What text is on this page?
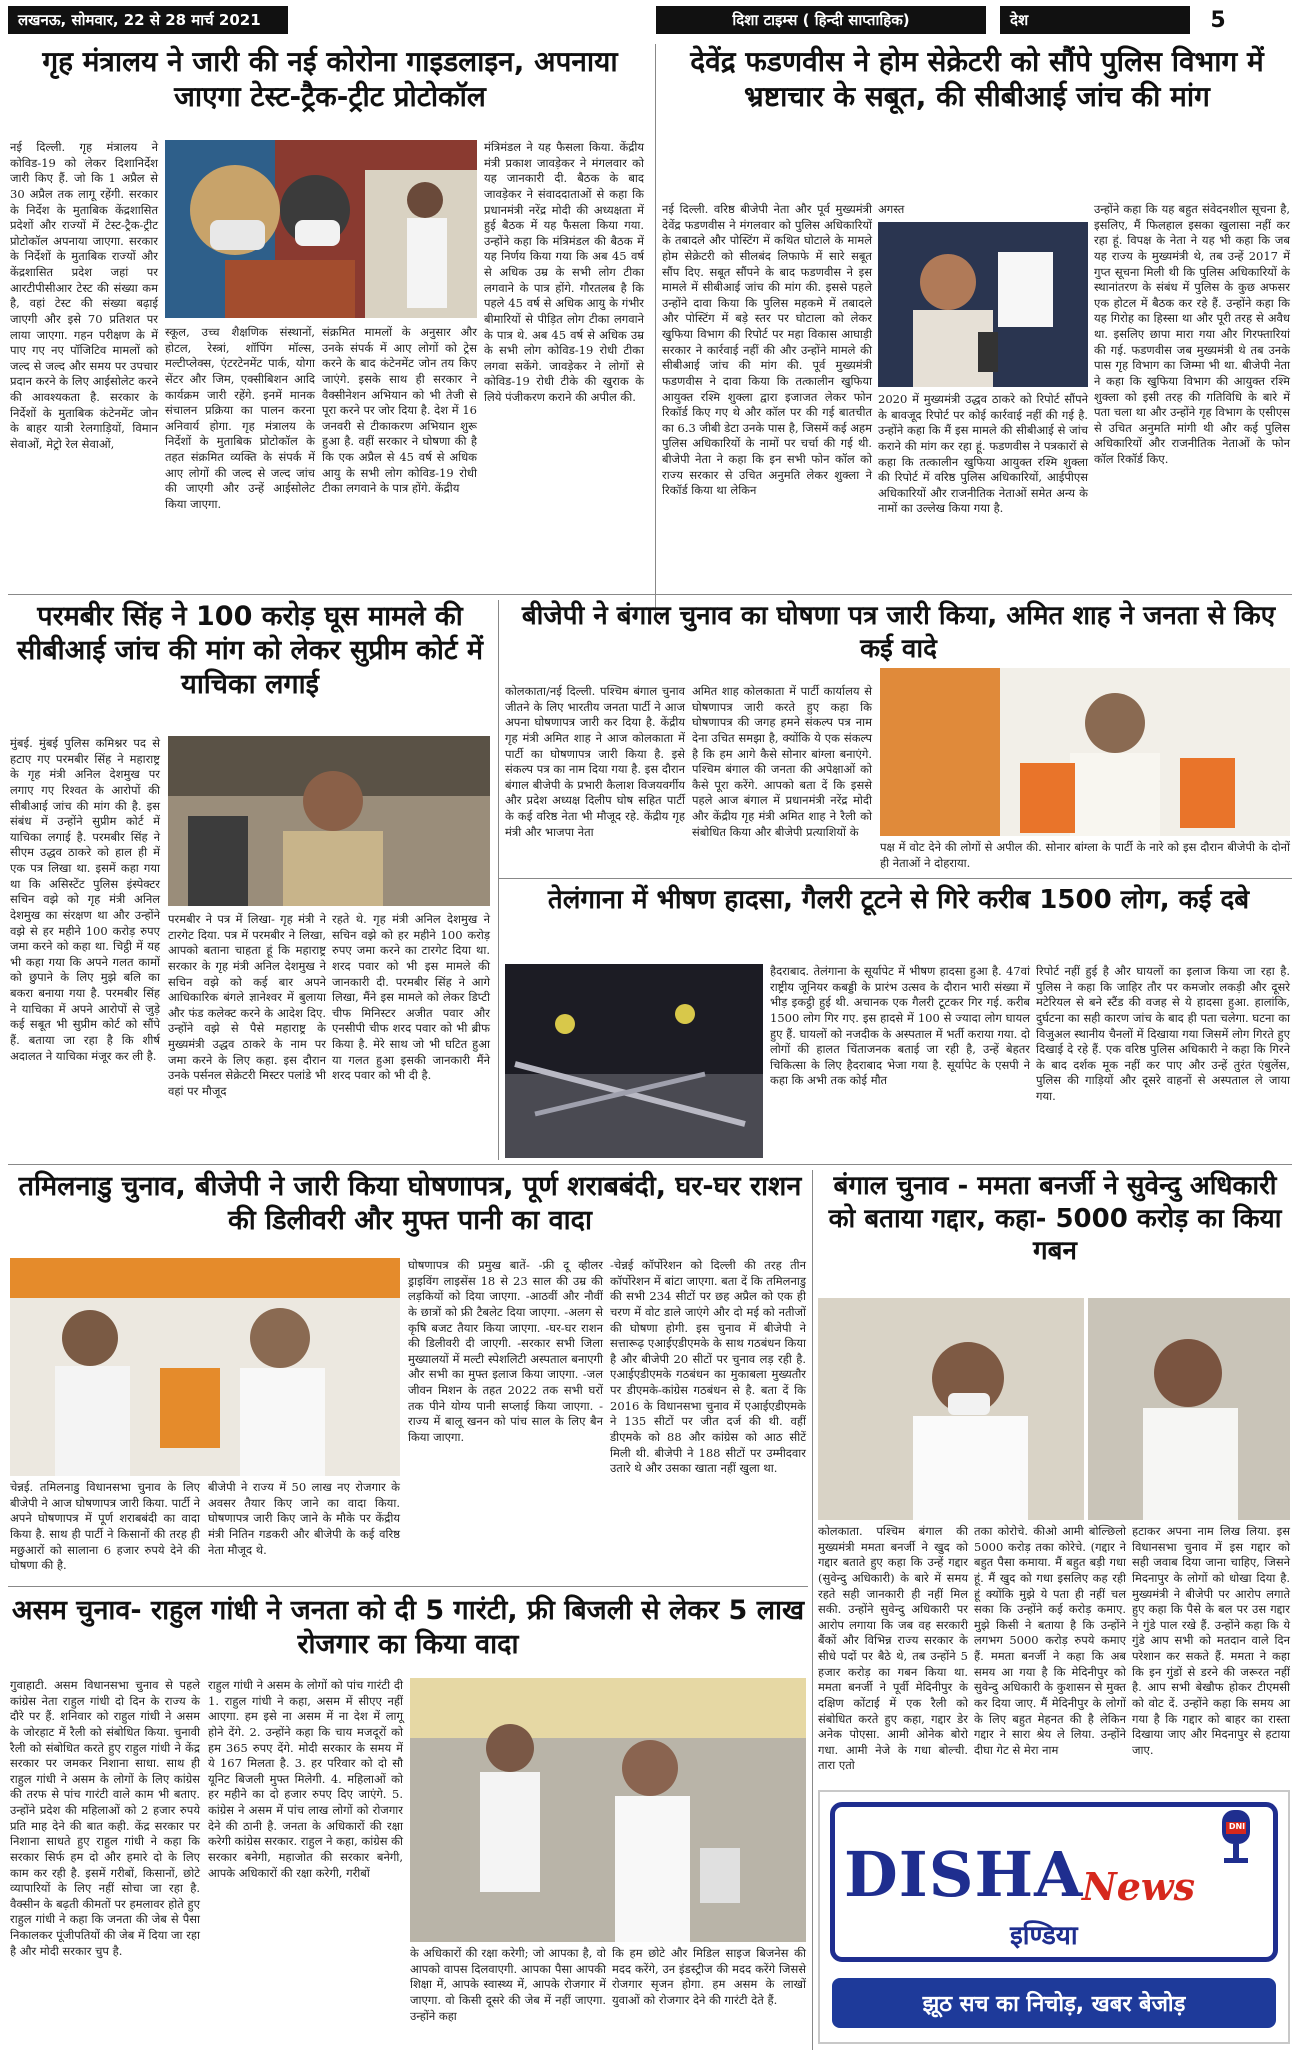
लखनऊ, सोमवार, 22 से 28 मार्च 2021	दिशा टाइम्स ( हिन्दी साप्ताहिक)	देश	5
गृह मंत्रालय ने जारी की नई कोरोना गाइडलाइन, अपनाया जाएगा टेस्ट-ट्रैक-ट्रीट प्रोटोकॉल
नई दिल्ली. गृह मंत्रालय ने कोविड-19 को लेकर दिशानिर्देश जारी किए हैं. जो कि 1 अप्रैल से 30 अप्रैल तक लागू रहेंगी. सरकार के निर्देश के मुताबिक केंद्रशासित प्रदेशों और राज्यों में टेस्ट-ट्रैक-ट्रीट प्रोटोकॉल अपनाया जाएगा. सरकार के निर्देशों के मुताबिक राज्यों और केंद्रशासित प्रदेश जहां पर आरटीपीसीआर टेस्ट की संख्या कम है, वहां टेस्ट की संख्या बढ़ाई जाएगी और इसे 70 प्रतिशत पर लाया जाएगा. गहन परीक्षण के में पाए गए नए पॉजिटिव मामलों को जल्द से जल्द और समय पर उपचार प्रदान करने के लिए आईसोलेट करने की आवश्यकता है. सरकार के निर्देशों के मुताबिक कंटेनमेंट जोन के बाहर यात्री रेलगाड़ियों, विमान सेवाओं, मेट्रो रेल सेवाओं,
स्कूल, उच्च शैक्षणिक संस्थानों, होटल, रेस्त्रां, शॉपिंग मॉल्स, मल्टीप्लेक्स, एंटरटेनमेंट पार्क, योगा सेंटर और जिम, एक्सीबिशन आदि कार्यक्रम जारी रहेंगे. इनमें मानक संचालन प्रक्रिया का पालन करना अनिवार्य होगा. गृह मंत्रालय के निर्देशों के मुताबिक प्रोटोकॉल के तहत संक्रमित व्यक्ति के संपर्क में आए लोगों की जल्द से जल्द जांच की जाएगी और उन्हें आईसोलेट किया जाएगा.
संक्रमित मामलों के अनुसार और उनके संपर्क में आए लोगों को ट्रेस करने के बाद कंटेनमेंट जोन तय किए जाएंगे. इसके साथ ही सरकार ने वैक्सीनेशन अभियान को भी तेजी से पूरा करने पर जोर दिया है. देश में 16 जनवरी से टीकाकरण अभियान शुरू हुआ है. वहीं सरकार ने घोषणा की है कि एक अप्रैल से 45 वर्ष से अधिक आयु के सभी लोग कोविड-19 रोधी टीका लगवाने के पात्र होंगे. केंद्रीय
मंत्रिमंडल ने यह फैसला किया. केंद्रीय मंत्री प्रकाश जावड़ेकर ने मंगलवार को यह जानकारी दी. बैठक के बाद जावड़ेकर ने संवाददाताओं से कहा कि प्रधानमंत्री नरेंद्र मोदी की अध्यक्षता में हुई बैठक में यह फैसला किया गया. उन्होंने कहा कि मंत्रिमंडल की बैठक में यह निर्णय किया गया कि अब 45 वर्ष से अधिक उम्र के सभी लोग टीका लगवाने के पात्र होंगे. गौरतलब है कि पहले 45 वर्ष से अधिक आयु के गंभीर बीमारियों से पीड़ित लोग टीका लगवाने के पात्र थे. अब 45 वर्ष से अधिक उम्र के सभी लोग कोविड-19 रोधी टीका लगवा सकेंगे. जावड़ेकर ने लोगों से कोविड-19 रोधी टीके की खुराक के लिये पंजीकरण कराने की अपील की.
देवेंद्र फडणवीस ने होम सेक्रेटरी को सौंपे पुलिस विभाग में भ्रष्टाचार के सबूत, की सीबीआई जांच की मांग
नई दिल्ली. वरिष्ठ बीजेपी नेता और पूर्व मुख्यमंत्री देवेंद्र फडणवीस ने मंगलवार को पुलिस अधिकारियों के तबादले और पोस्टिंग में कथित घोटाले के मामले होम सेक्रेटरी को सीलबंद लिफाफे में सारे सबूत सौंप दिए. सबूत सौंपने के बाद फडणवीस ने इस मामले में सीबीआई जांच की मांग की. इससे पहले उन्होंने दावा किया कि पुलिस महकमे में तबादले और पोस्टिंग में बड़े स्तर पर घोटाला को लेकर खुफिया विभाग की रिपोर्ट पर महा विकास आघाड़ी सरकार ने कार्रवाई नहीं की और उन्होंने मामले की सीबीआई जांच की मांग की. पूर्व मुख्यमंत्री फडणवीस ने दावा किया कि तत्कालीन खुफिया आयुक्त रश्मि शुक्ला द्वारा इजाजत लेकर फोन रिकॉर्ड किए गए थे और कॉल पर की गई बातचीत का 6.3 जीबी डेटा उनके पास है, जिसमें कई अहम पुलिस अधिकारियों के नामों पर चर्चा की गई थी. बीजेपी नेता ने कहा कि इन सभी फोन कॉल को राज्य सरकार से उचित अनुमति लेकर शुक्ला ने रिकॉर्ड किया था लेकिन
अगस्त
2020 में मुख्यमंत्री उद्धव ठाकरे को रिपोर्ट सौंपने के बावजूद रिपोर्ट पर कोई कार्रवाई नहीं की गई है. उन्होंने कहा कि मैं इस मामले की सीबीआई से जांच कराने की मांग कर रहा हूं. फडणवीस ने पत्रकारों से कहा कि तत्कालीन खुफिया आयुक्त रश्मि शुक्ला की रिपोर्ट में वरिष्ठ पुलिस अधिकारियों, आईपीएस अधिकारियों और राजनीतिक नेताओं समेत अन्य के नामों का उल्लेख किया गया है.
उन्होंने कहा कि यह बहुत संवेदनशील सूचना है, इसलिए, मैं फिलहाल इसका खुलासा नहीं कर रहा हूं. विपक्ष के नेता ने यह भी कहा कि जब यह राज्य के मुख्यमंत्री थे, तब उन्हें 2017 में गुप्त सूचना मिली थी कि पुलिस अधिकारियों के स्थानांतरण के संबंध में पुलिस के कुछ अफसर एक होटल में बैठक कर रहे हैं. उन्होंने कहा कि यह गिरोह का हिस्सा था और पूरी तरह से अवैध था. इसलिए छापा मारा गया और गिरफ्तारियां की गई. फडणवीस जब मुख्यमंत्री थे तब उनके पास गृह विभाग का जिम्मा भी था. बीजेपी नेता ने कहा कि खुफिया विभाग की आयुक्त रश्मि शुक्ला को इसी तरह की गतिविधि के बारे में पता चला था और उन्होंने गृह विभाग के एसीएस से उचित अनुमति मांगी थी और कई पुलिस अधिकारियों और राजनीतिक नेताओं के फोन कॉल रिकॉर्ड किए.
परमबीर सिंह ने 100 करोड़ घूस मामले की सीबीआई जांच की मांग को लेकर सुप्रीम कोर्ट में याचिका लगाई
मुंबई. मुंबई पुलिस कमिश्नर पद से हटाए गए परमबीर सिंह ने महाराष्ट्र के गृह मंत्री अनिल देशमुख पर लगाए गए रिश्वत के आरोपों की सीबीआई जांच की मांग की है. इस संबंध में उन्होंने सुप्रीम कोर्ट में याचिका लगाई है. परमबीर सिंह ने सीएम उद्धव ठाकरे को हाल ही में एक पत्र लिखा था. इसमें कहा गया था कि असिस्टेंट पुलिस इंस्पेक्टर सचिन वझे को गृह मंत्री अनिल देशमुख का संरक्षण था और उन्होंने वझे से हर महीने 100 करोड़ रुपए जमा करने को कहा था. चिट्ठी में यह भी कहा गया कि अपने गलत कामों को छुपाने के लिए मुझे बलि का बकरा बनाया गया है. परमबीर सिंह ने याचिका में अपने आरोपों से जुड़े कई सबूत भी सुप्रीम कोर्ट को सौंपे हैं. बताया जा रहा है कि शीर्ष अदालत ने याचिका मंजूर कर ली है.
परमबीर ने पत्र में लिखा- गृह मंत्री ने टारगेट दिया. पत्र में परमबीर ने लिखा, आपको बताना चाहता हूं कि महाराष्ट्र सरकार के गृह मंत्री अनिल देशमुख ने सचिन वझे को कई बार अपने आधिकारिक बंगले ज्ञानेश्वर में बुलाया और फंड कलेक्ट करने के आदेश दिए. उन्होंने वझे से पैसे महाराष्ट्र के मुख्यमंत्री उद्धव ठाकरे के नाम पर जमा करने के लिए कहा. इस दौरान उनके पर्सनल सेक्रेटरी मिस्टर पलांडे भी वहां पर मौजूद
रहते थे. गृह मंत्री अनिल देशमुख ने सचिन वझे को हर महीने 100 करोड़ रुपए जमा करने का टारगेट दिया था. शरद पवार को भी इस मामले की जानकारी दी. परमबीर सिंह ने आगे लिखा, मैंने इस मामले को लेकर डिप्टी चीफ मिनिस्टर अजीत पवार और एनसीपी चीफ शरद पवार को भी ब्रीफ किया है. मेरे साथ जो भी घटित हुआ या गलत हुआ इसकी जानकारी मैंने शरद पवार को भी दी है.
बीजेपी ने बंगाल चुनाव का घोषणा पत्र जारी किया, अमित शाह ने जनता से किए कई वादे
कोलकाता/नई दिल्ली. पश्चिम बंगाल चुनाव जीतने के लिए भारतीय जनता पार्टी ने आज अपना घोषणापत्र जारी कर दिया है. केंद्रीय गृह मंत्री अमित शाह ने आज कोलकाता में पार्टी का घोषणापत्र जारी किया है. इसे संकल्प पत्र का नाम दिया गया है. इस दौरान बंगाल बीजेपी के प्रभारी कैलाश विजयवर्गीय और प्रदेश अध्यक्ष दिलीप घोष सहित पार्टी के कई वरिष्ठ नेता भी मौजूद रहे. केंद्रीय गृह मंत्री और भाजपा नेता
अमित शाह कोलकाता में पार्टी कार्यालय से घोषणापत्र जारी करते हुए कहा कि घोषणापत्र की जगह हमने संकल्प पत्र नाम देना उचित समझा है, क्योंकि ये एक संकल्प है कि हम आगे कैसे सोनार बांग्ला बनाएंगे. पश्चिम बंगाल की जनता की अपेक्षाओं को कैसे पूरा करेंगे. आपको बता दें कि इससे पहले आज बंगाल में प्रधानमंत्री नरेंद्र मोदी और केंद्रीय गृह मंत्री अमित शाह ने रैली को संबोधित किया और बीजेपी प्रत्याशियों के
पक्ष में वोट देने की लोगों से अपील की. सोनार बांग्ला के पार्टी के नारे को इस दौरान बीजेपी के दोनों ही नेताओं ने दोहराया.
तेलंगाना में भीषण हादसा, गैलरी टूटने से गिरे करीब 1500 लोग, कई दबे
हैदराबाद. तेलंगाना के सूर्यापेट में भीषण हादसा हुआ है. 47वां राष्ट्रीय जूनियर कबड्डी के प्रारंभ उत्सव के दौरान भारी संख्या में भीड़ इकट्ठी हुई थी. अचानक एक गैलरी टूटकर गिर गई. करीब 1500 लोग गिर गए. इस हादसे में 100 से ज्यादा लोग घायल हुए हैं. घायलों को नजदीक के अस्पताल में भर्ती कराया गया. दो लोगों की हालत चिंताजनक बताई जा रही है, उन्हें बेहतर चिकित्सा के लिए हैदराबाद भेजा गया है. सूर्यापेट के एसपी ने कहा कि अभी तक कोई मौत
रिपोर्ट नहीं हुई है और घायलों का इलाज किया जा रहा है. पुलिस ने कहा कि जाहिर तौर पर कमजोर लकड़ी और दूसरे मटेरियल से बने स्टैंड की वजह से ये हादसा हुआ. हालांकि, दुर्घटना का सही कारण जांच के बाद ही पता चलेगा. घटना का विजुअल स्थानीय चैनलों में दिखाया गया जिसमें लोग गिरते हुए दिखाई दे रहे हैं. एक वरिष्ठ पुलिस अधिकारी ने कहा कि गिरने के बाद दर्शक मूक नहीं कर पाए और उन्हें तुरंत एंबुलेंस, पुलिस की गाड़ियों और दूसरे वाहनों से अस्पताल ले जाया गया.
तमिलनाडु चुनाव, बीजेपी ने जारी किया घोषणापत्र, पूर्ण शराबबंदी, घर-घर राशन की डिलीवरी और मुफ्त पानी का वादा
चेन्नई. तमिलनाडु विधानसभा चुनाव के लिए बीजेपी ने आज घोषणापत्र जारी किया. पार्टी ने अपने घोषणापत्र में पूर्ण शराबबंदी का वादा किया है. साथ ही पार्टी ने किसानों की तरह ही मछुआरों को सालाना 6 हजार रुपये देने की घोषणा की है.
बीजेपी ने राज्य में 50 लाख नए रोजगार के अवसर तैयार किए जाने का वादा किया. घोषणापत्र जारी किए जाने के मौके पर केंद्रीय मंत्री नितिन गडकरी और बीजेपी के कई वरिष्ठ नेता मौजूद थे.
घोषणापत्र की प्रमुख बातें- -फ्री दू व्हीलर ड्राइविंग लाइसेंस 18 से 23 साल की उम्र की लड़कियों को दिया जाएगा. -आठवीं और नौवीं के छात्रों को फ्री टैबलेट दिया जाएगा. -अलग से कृषि बजट तैयार किया जाएगा. -घर-घर राशन की डिलीवरी दी जाएगी. -सरकार सभी जिला मुख्यालयों में मल्टी स्पेशलिटी अस्पताल बनाएगी और सभी का मुफ्त इलाज किया जाएगा. -जल जीवन मिशन के तहत 2022 तक सभी घरों तक पीने योग्य पानी सप्लाई किया जाएगा. - राज्य में बालू खनन को पांच साल के लिए बैन किया जाएगा.
-चेन्नई कॉर्पोरेशन को दिल्ली की तरह तीन कॉर्पोरेशन में बांटा जाएगा. बता दें कि तमिलनाडु की सभी 234 सीटों पर छह अप्रैल को एक ही चरण में वोट डाले जाएंगे और दो मई को नतीजों की घोषणा होगी. इस चुनाव में बीजेपी ने सत्तारूढ़ एआईएडीएमके के साथ गठबंधन किया है और बीजेपी 20 सीटों पर चुनाव लड़ रही है. एआईएडीएमके गठबंधन का मुकाबला मुख्यतौर पर डीएमके-कांग्रेस गठबंधन से है. बता दें कि 2016 के विधानसभा चुनाव में एआईएडीएमके ने 135 सीटों पर जीत दर्ज की थी. वहीं डीएमके को 88 और कांग्रेस को आठ सीटें मिली थी. बीजेपी ने 188 सीटों पर उम्मीदवार उतारे थे और उसका खाता नहीं खुला था.
बंगाल चुनाव - ममता बनर्जी ने सुवेन्दु अधिकारी को बताया गद्दार, कहा- 5000 करोड़ का किया गबन
कोलकाता. पश्चिम बंगाल की मुख्यमंत्री ममता बनर्जी ने खुद को गद्दार बताते हुए कहा कि उन्हें गद्दार (सुवेन्दु अधिकारी) के बारे में समय रहते सही जानकारी ही नहीं मिल सकी. उन्होंने सुवेन्दु अधिकारी पर आरोप लगाया कि जब वह सरकारी बैंकों और विभिन्न राज्य सरकार के सीधे पदों पर बैठे थे, तब उन्होंने 5 हजार करोड़ का गबन किया था. ममता बनर्जी ने पूर्वी मेदिनीपुर के दक्षिण कोंटाई में एक रैली को संबोधित करते हुए कहा, गद्दार डेर अनेक पोएसा. आमी ओनेक बोरो गधा. आमी नेजे के गधा बोल्ची. तारा एतो
तका कोरोचे. कीओ आमी बोल्छिलो 5000 करोड़ तका कोरेचे. (गद्दार ने बहुत पैसा कमाया. मैं बहुत बड़ी गधा हूं. मैं खुद को गधा इसलिए कह रही हूं क्योंकि मुझे ये पता ही नहीं चल सका कि उन्होंने कई करोड़ कमाए. मुझे किसी ने बताया है कि उन्होंने लगभग 5000 करोड़ रुपये कमाए हैं. ममता बनर्जी ने कहा कि अब समय आ गया है कि मेदिनीपुर को सुवेन्दु अधिकारी के कुशासन से मुक्त कर दिया जाए. मैं मेदिनीपुर के लोगों के लिए बहुत मेहनत की है लेकिन गद्दार ने सारा श्रेय ले लिया. उन्होंने दीघा गेट से मेरा नाम
हटाकर अपना नाम लिख लिया. इस विधानसभा चुनाव में इस गद्दार को सही जवाब दिया जाना चाहिए, जिसने मिदनापुर के लोगों को धोखा दिया है. मुख्यमंत्री ने बीजेपी पर आरोप लगाते हुए कहा कि पैसे के बल पर उस गद्दार ने गुंडे पाल रखे हैं. उन्होंने कहा कि ये गुंडे आप सभी को मतदान वाले दिन परेशान कर सकते हैं. ममता ने कहा कि इन गुंडों से डरने की जरूरत नहीं है. आप सभी बेखौफ होकर टीएमसी को वोट दें. उन्होंने कहा कि समय आ गया है कि गद्दार को बाहर का रास्ता दिखाया जाए और मिदनापुर से हटाया जाए.
असम चुनाव- राहुल गांधी ने जनता को दी 5 गारंटी, फ्री बिजली से लेकर 5 लाख रोजगार का किया वादा
गुवाहाटी. असम विधानसभा चुनाव से पहले कांग्रेस नेता राहुल गांधी दो दिन के राज्य के दौरे पर हैं. शनिवार को राहुल गांधी ने असम के जोरहाट में रैली को संबोधित किया. चुनावी रैली को संबोधित करते हुए राहुल गांधी ने केंद्र सरकार पर जमकर निशाना साधा. साथ ही राहुल गांधी ने असम के लोगों के लिए कांग्रेस की तरफ से पांच गारंटी वाले काम भी बताए. उन्होंने प्रदेश की महिलाओं को 2 हजार रुपये प्रति माह देने की बात कही. केंद्र सरकार पर निशाना साधते हुए राहुल गांधी ने कहा कि सरकार सिर्फ हम दो और हमारे दो के लिए काम कर रही है. इसमें गरीबों, किसानों, छोटे व्यापारियों के लिए नहीं सोचा जा रहा है. वैक्सीन के बढ़ती कीमतों पर हमलावर होते हुए राहुल गांधी ने कहा कि जनता की जेब से पैसा निकालकर पूंजीपतियों की जेब में दिया जा रहा है और मोदी सरकार चुप है.
राहुल गांधी ने असम के लोगों को पांच गारंटी दी 1. राहुल गांधी ने कहा, असम में सीएए नहीं आएगा. हम इसे ना असम में ना देश में लागू होने देंगे. 2. उन्होंने कहा कि चाय मजदूरों को हम 365 रुपए देंगे. मोदी सरकार के समय में ये 167 मिलता है. 3. हर परिवार को दो सौ यूनिट बिजली मुफ्त मिलेगी. 4. महिलाओं को हर महीने का दो हजार रुपए दिए जाएंगे. 5. कांग्रेस ने असम में पांच लाख लोगों को रोजगार देने की ठानी है. जनता के अधिकारों की रक्षा करेगी कांग्रेस सरकार. राहुल ने कहा, कांग्रेस की सरकार बनेगी, महाजोत की सरकार बनेगी, आपके अधिकारों की रक्षा करेगी, गरीबों
के अधिकारों की रक्षा करेगी; जो आपका है, वो आपको वापस दिलवाएगी. आपका पैसा आपकी शिक्षा में, आपके स्वास्थ्य में, आपके रोजगार में जाएगा. वो किसी दूसरे की जेब में नहीं जाएगा. उन्होंने कहा
कि हम छोटे और मिडिल साइज बिजनेस की मदद करेंगे, उन इंडस्ट्रीज की मदद करेंगे जिससे रोजगार सृजन होगा. हम असम के लाखों युवाओं को रोजगार देने की गारंटी देते हैं.
DISHA
News
इण्डिया
DNI
झूठ सच का निचोड़, खबर बेजोड़
